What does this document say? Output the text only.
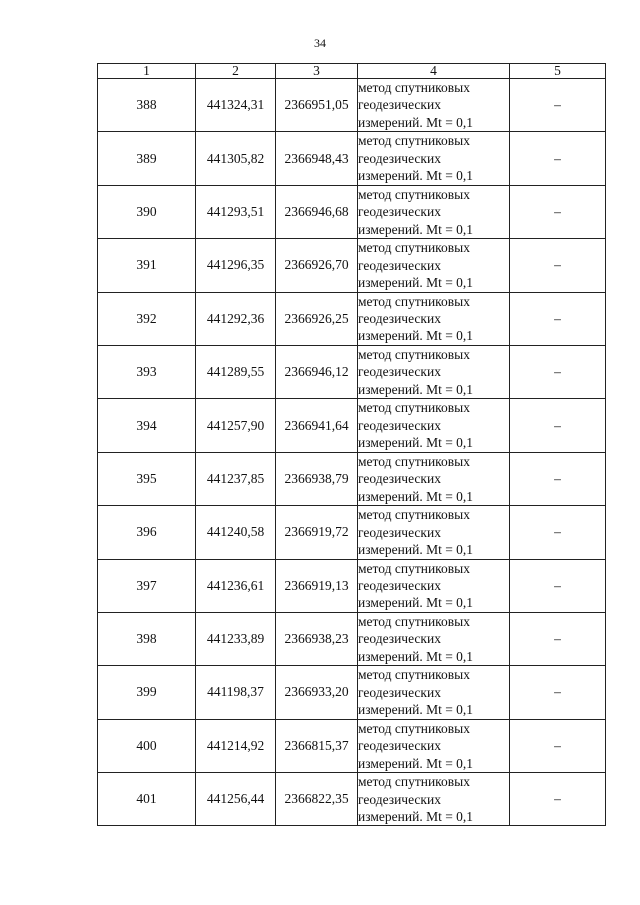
34
1	2	3	4	5
388	441324,31	2366951,05	метод спутниковых
геодезических
измерений. Mt = 0,1	–
389	441305,82	2366948,43	метод спутниковых
геодезических
измерений. Mt = 0,1	–
390	441293,51	2366946,68	метод спутниковых
геодезических
измерений. Mt = 0,1	–
391	441296,35	2366926,70	метод спутниковых
геодезических
измерений. Mt = 0,1	–
392	441292,36	2366926,25	метод спутниковых
геодезических
измерений. Mt = 0,1	–
393	441289,55	2366946,12	метод спутниковых
геодезических
измерений. Mt = 0,1	–
394	441257,90	2366941,64	метод спутниковых
геодезических
измерений. Mt = 0,1	–
395	441237,85	2366938,79	метод спутниковых
геодезических
измерений. Mt = 0,1	–
396	441240,58	2366919,72	метод спутниковых
геодезических
измерений. Mt = 0,1	–
397	441236,61	2366919,13	метод спутниковых
геодезических
измерений. Mt = 0,1	–
398	441233,89	2366938,23	метод спутниковых
геодезических
измерений. Mt = 0,1	–
399	441198,37	2366933,20	метод спутниковых
геодезических
измерений. Mt = 0,1	–
400	441214,92	2366815,37	метод спутниковых
геодезических
измерений. Mt = 0,1	–
401	441256,44	2366822,35	метод спутниковых
геодезических
измерений. Mt = 0,1	–
